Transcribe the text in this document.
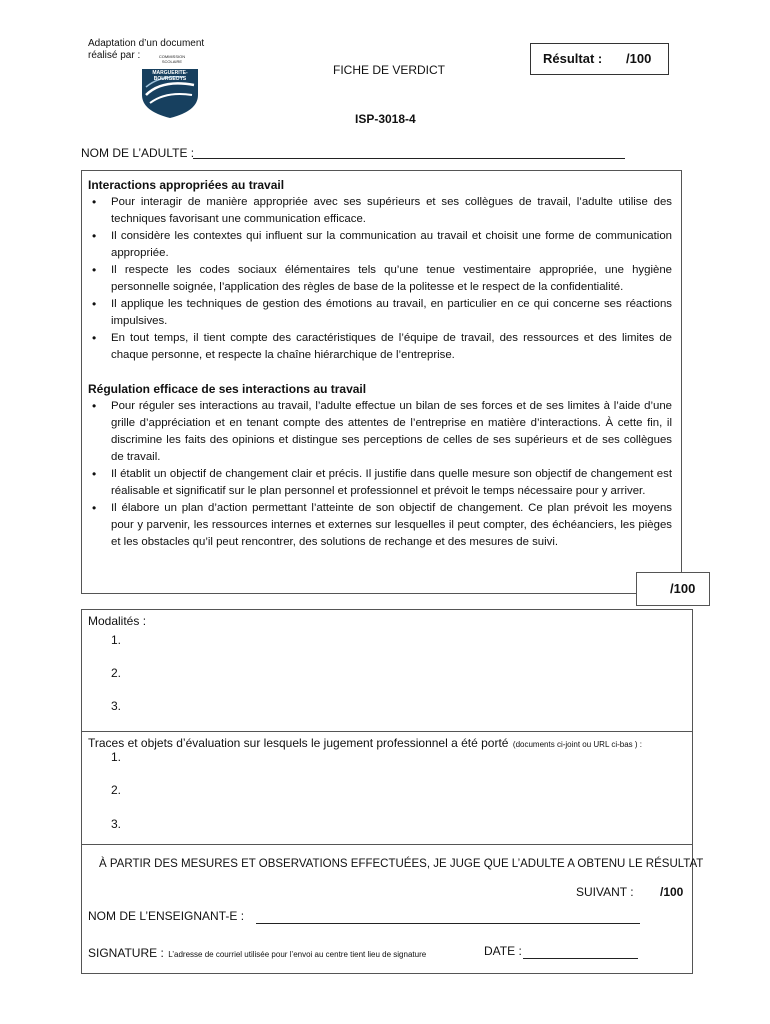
Adaptation d’un document
réalisé par :	COMMISSION
SCOLAIRE
MARGUERITE-
BOURGEOYS
FICHE DE VERDICT
Résultat : /100
ISP-3018-4
NOM DE L’ADULTE :

Interactions appropriées au travail

• Pour interagir de manière appropriée avec ses supérieurs et ses collègues de travail, l’adulte utilise des techniques favorisant une communication efficace.
• Il considère les contextes qui influent sur la communication au travail et choisit une forme de communication appropriée.
• Il respecte les codes sociaux élémentaires tels qu’une tenue vestimentaire appropriée, une hygiène personnelle soignée, l’application des règles de base de la politesse et le respect de la confidentialité.
• Il applique les techniques de gestion des émotions au travail, en particulier en ce qui concerne ses réactions impulsives.
• En tout temps, il tient compte des caractéristiques de l’équipe de travail, des ressources et des limites de chaque personne, et respecte la chaîne hiérarchique de l’entreprise.

Régulation efficace de ses interactions au travail

• Pour réguler ses interactions au travail, l’adulte effectue un bilan de ses forces et de ses limites à l’aide d’une grille d’appréciation et en tenant compte des attentes de l’entreprise en matière d’interactions. À cette fin, il discrimine les faits des opinions et distingue ses perceptions de celles de ses supérieurs et de ses collègues de travail.
• Il établit un objectif de changement clair et précis. Il justifie dans quelle mesure son objectif de changement est réalisable et significatif sur le plan personnel et professionnel et prévoit le temps nécessaire pour y arriver.
• Il élabore un plan d’action permettant l’atteinte de son objectif de changement. Ce plan prévoit les moyens pour y parvenir, les ressources internes et externes sur lesquelles il peut compter, des échéanciers, les pièges et les obstacles qu’il peut rencontrer, des solutions de rechange et des mesures de suivi.
/100
Modalités :
1.
2.
3.
Traces et objets d’évaluation sur lesquels le jugement professionnel a été porté (documents ci-joint ou URL ci-bas ) :
1.
2.
3.
À PARTIR DES MESURES ET OBSERVATIONS EFFECTUÉES, JE JUGE QUE L’ADULTE A OBTENU LE RÉSULTAT
SUIVANT : /100
NOM DE L’ENSEIGNANT-E :
SIGNATURE : L’adresse de courriel utilisée pour l’envoi au centre tient lieu de signature	DATE :
